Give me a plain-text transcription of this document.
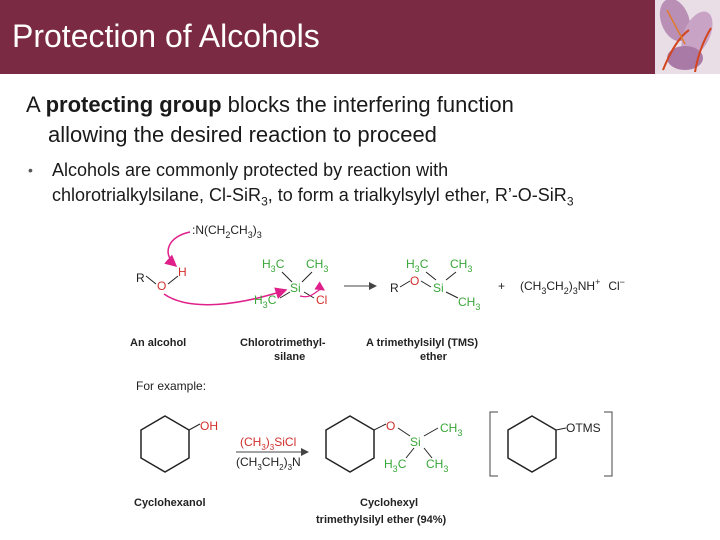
Protection of Alcohols
A protecting group blocks the interfering function
allowing the desired reaction to proceed
• Alcohols are commonly protected by reaction with
chlorotrialkylsilane, Cl-SiR$_3$, to form a trialkylsylyl ether, R’-O-SiR$_3$
$:N(CH_2CH_3)_3$
R
O
H
$H_3C$ $CH_3$
Si
$H_3C$	Cl
R O
$H_3C$ $CH_3$
Si
$CH_3$
+ $(CH_3CH_2)_3NH^+$ Cl−
An alcohol	Chlorotrimethyl-
silane
A trimethylsilyl (TMS)
ether
For example:
OH
$(CH_3)_3SiCl$
$(CH_3CH_2)_3N$
O
Si
$CH_3$
$H_3C$ $CH_3$
OTMS
Cyclohexanol	Cyclohexyl
trimethylsilyl ether (94%)
